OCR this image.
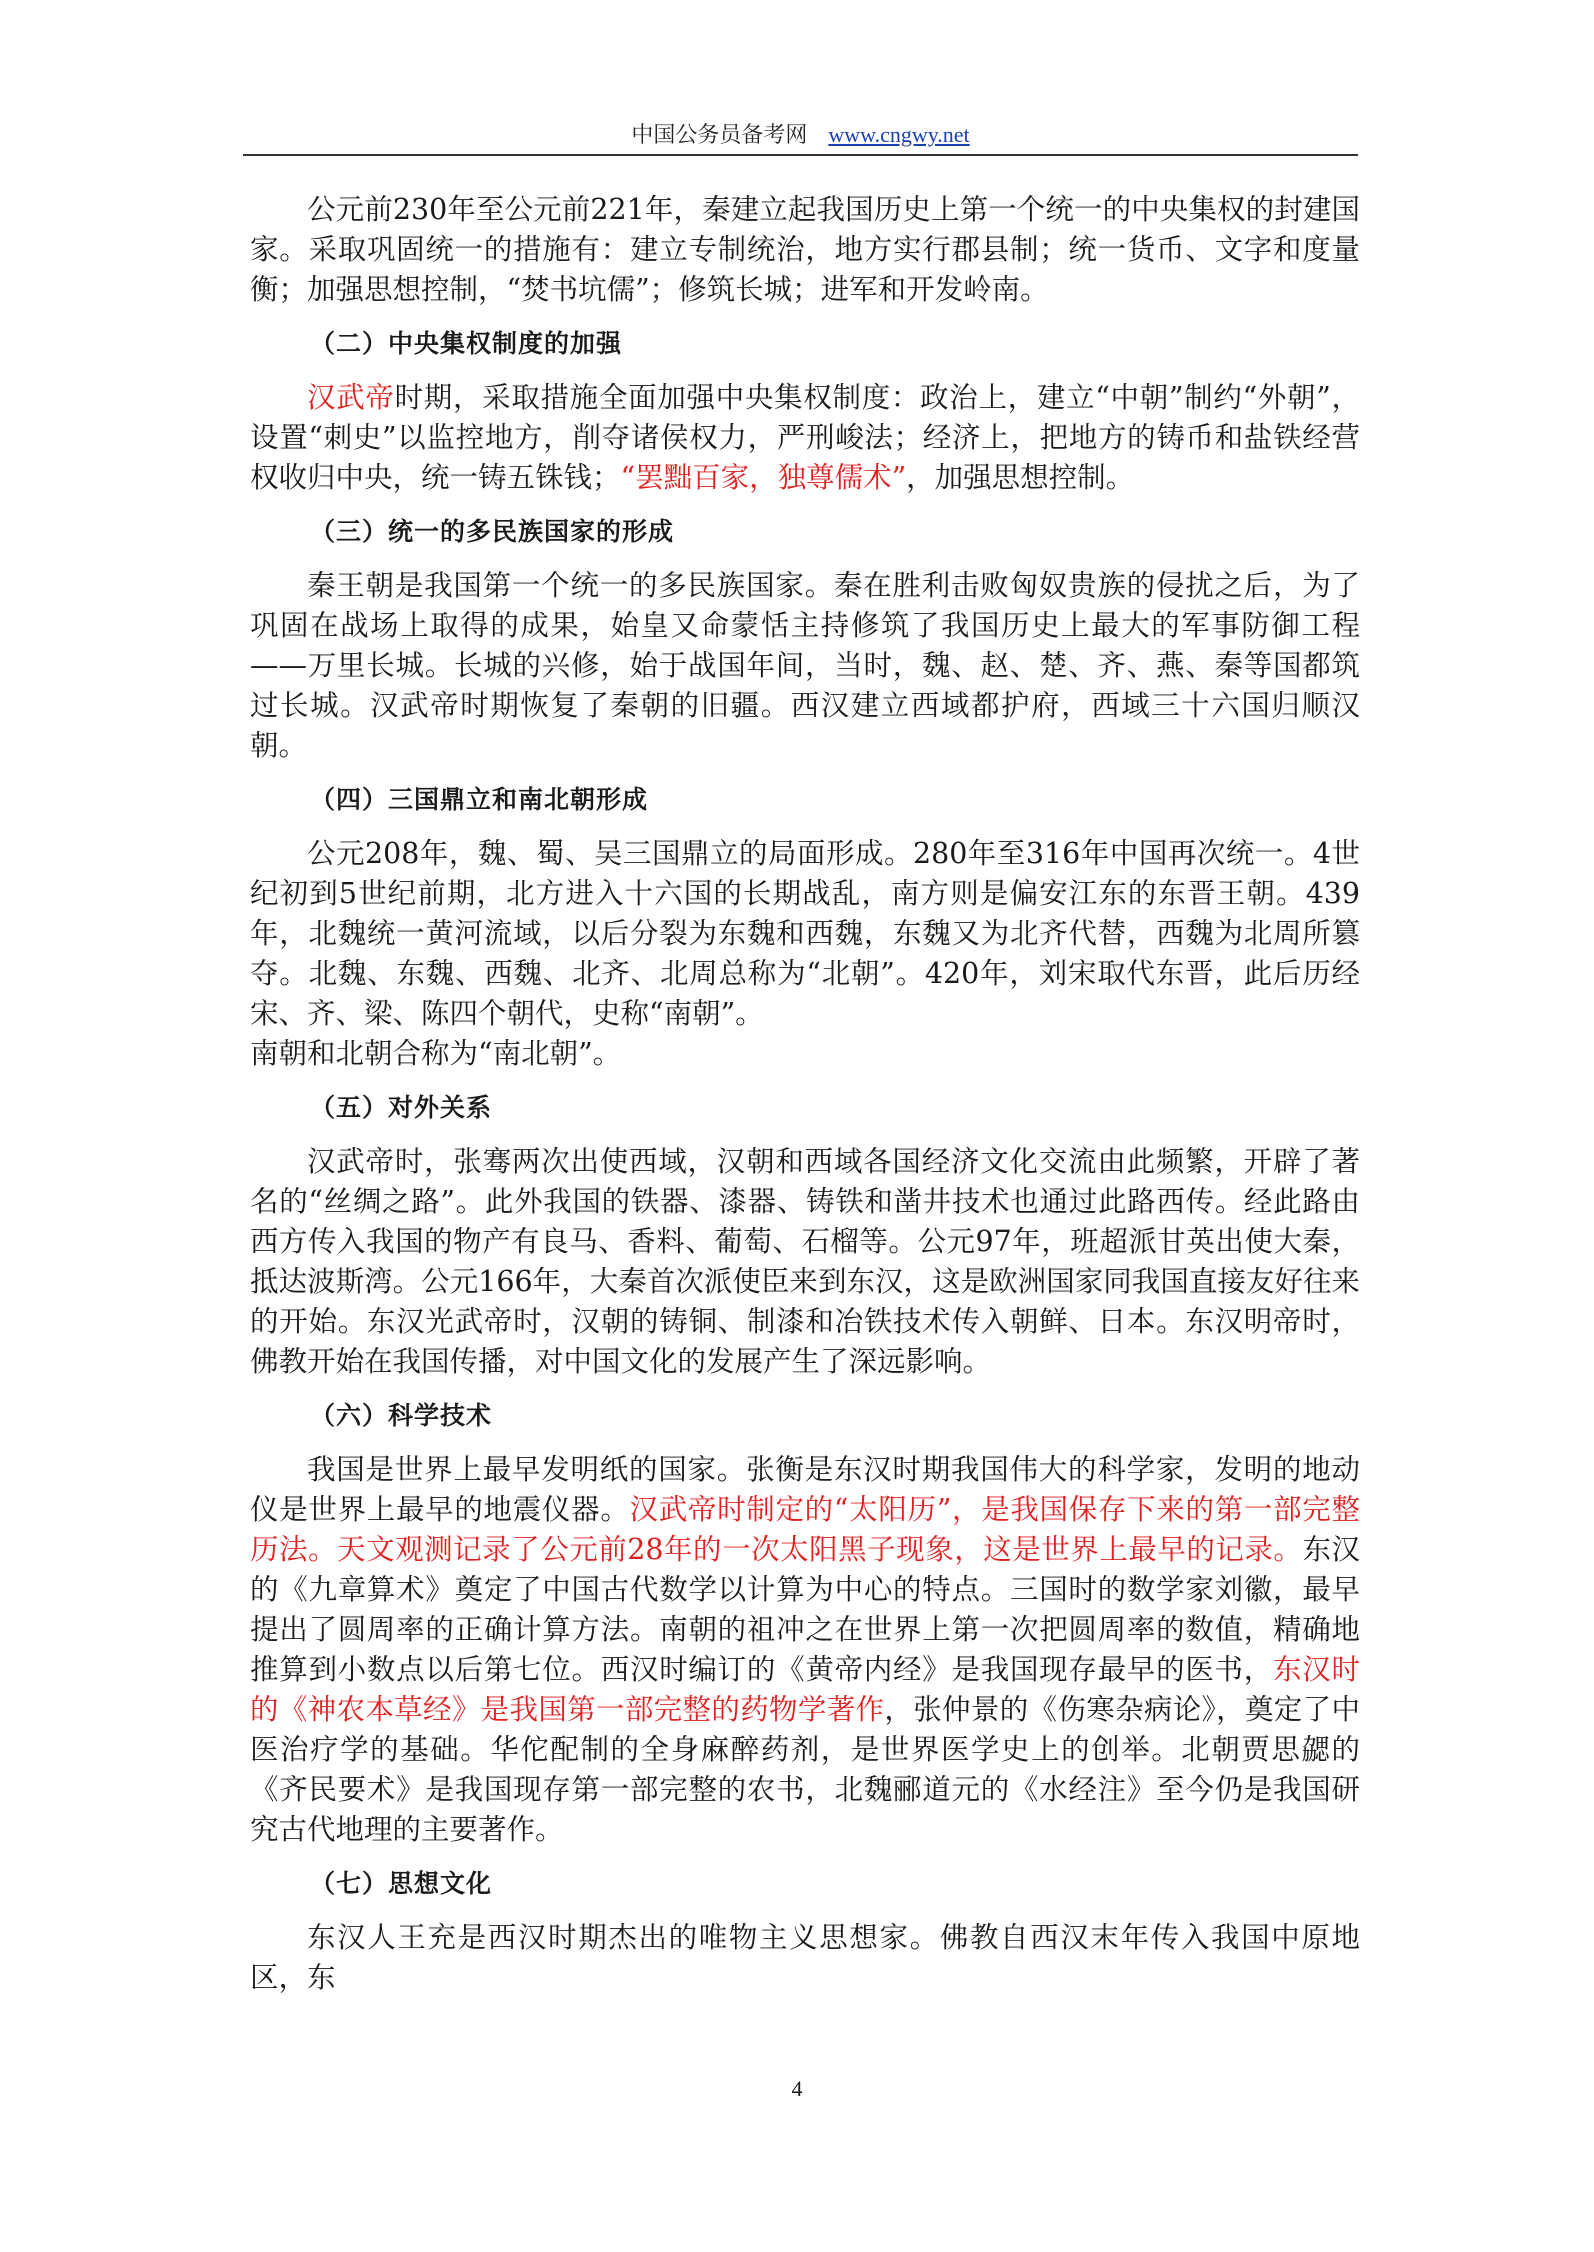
中国公务员备考网 www.cngwy.net

公元前230年至公元前221年，秦建立起我国历史上第一个统一的中央集权的封建国家。采取巩固统一的措施有：建立专制统治，地方实行郡县制；统一货币、文字和度量衡；加强思想控制，“焚书坑儒”；修筑长城；进军和开发岭南。

（二）中央集权制度的加强

汉武帝时期，采取措施全面加强中央集权制度：政治上，建立“中朝”制约“外朝”，设置“刺史”以监控地方，削夺诸侯权力，严刑峻法；经济上，把地方的铸币和盐铁经营权收归中央，统一铸五铢钱；“罢黜百家，独尊儒术”，加强思想控制。

（三）统一的多民族国家的形成

秦王朝是我国第一个统一的多民族国家。秦在胜利击败匈奴贵族的侵扰之后，为了巩固在战场上取得的成果，始皇又命蒙恬主持修筑了我国历史上最大的军事防御工程——万里长城。长城的兴修，始于战国年间，当时，魏、赵、楚、齐、燕、秦等国都筑过长城。汉武帝时期恢复了秦朝的旧疆。西汉建立西域都护府，西域三十六国归顺汉朝。

（四）三国鼎立和南北朝形成

公元208年，魏、蜀、吴三国鼎立的局面形成。280年至316年中国再次统一。4世纪初到5世纪前期，北方进入十六国的长期战乱，南方则是偏安江东的东晋王朝。439年，北魏统一黄河流域，以后分裂为东魏和西魏，东魏又为北齐代替，西魏为北周所篡夺。北魏、东魏、西魏、北齐、北周总称为“北朝”。420年，刘宋取代东晋，此后历经宋、齐、梁、陈四个朝代，史称“南朝”。

南朝和北朝合称为“南北朝”。

（五）对外关系

汉武帝时，张骞两次出使西域，汉朝和西域各国经济文化交流由此频繁，开辟了著名的“丝绸之路”。此外我国的铁器、漆器、铸铁和凿井技术也通过此路西传。经此路由西方传入我国的物产有良马、香料、葡萄、石榴等。公元97年，班超派甘英出使大秦，抵达波斯湾。公元166年，大秦首次派使臣来到东汉，这是欧洲国家同我国直接友好往来的开始。东汉光武帝时，汉朝的铸铜、制漆和冶铁技术传入朝鲜、日本。东汉明帝时，佛教开始在我国传播，对中国文化的发展产生了深远影响。

（六）科学技术

我国是世界上最早发明纸的国家。张衡是东汉时期我国伟大的科学家，发明的地动仪是世界上最早的地震仪器。汉武帝时制定的“太阳历”，是我国保存下来的第一部完整历法。天文观测记录了公元前28年的一次太阳黑子现象，这是世界上最早的记录。东汉的《九章算术》奠定了中国古代数学以计算为中心的特点。三国时的数学家刘徽，最早提出了圆周率的正确计算方法。南朝的祖冲之在世界上第一次把圆周率的数值，精确地推算到小数点以后第七位。西汉时编订的《黄帝内经》是我国现存最早的医书，东汉时的《神农本草经》是我国第一部完整的药物学著作，张仲景的《伤寒杂病论》，奠定了中医治疗学的基础。华佗配制的全身麻醉药剂，是世界医学史上的创举。北朝贾思勰的《齐民要术》是我国现存第一部完整的农书，北魏郦道元的《水经注》至今仍是我国研究古代地理的主要著作。

（七）思想文化

东汉人王充是西汉时期杰出的唯物主义思想家。佛教自西汉末年传入我国中原地区，东

4
